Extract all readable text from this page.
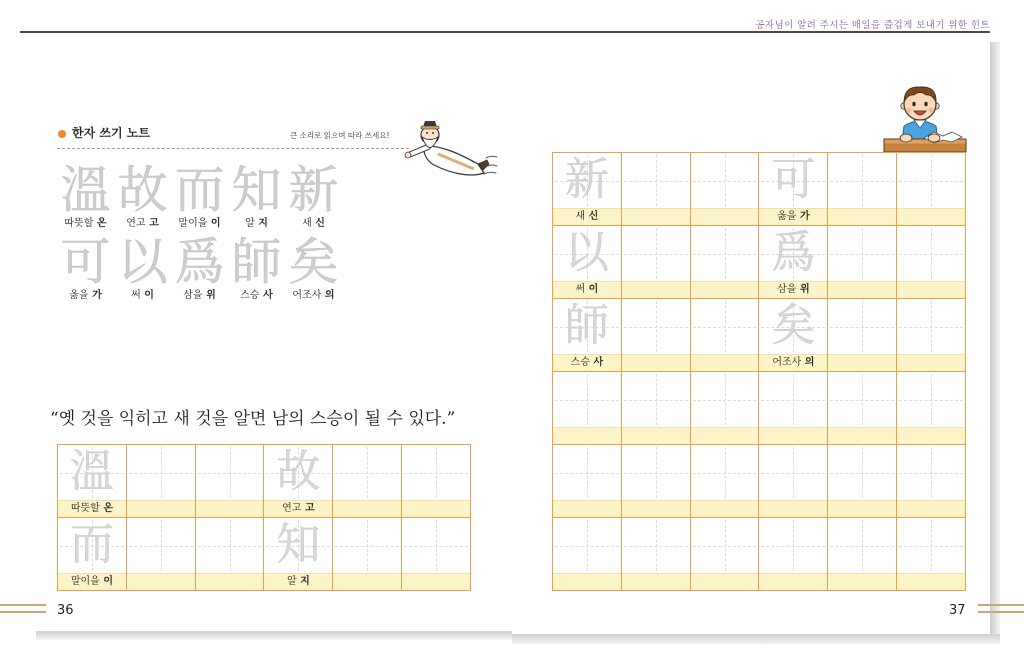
공자님이 알려 주시는 매일을 즐겁게 보내기 위한 힌트
한자 쓰기 노트	큰 소리로 읽으며 따라 쓰세요!
溫
따뜻할 온
故
연고 고
而
말이을 이
知
알 지
新
새 신
可
옳을 가
以
써 이
爲
삼을 위
師
스승 사
矣
어조사 의
“옛 것을 익히고 새 것을 알면 남의 스승이 될 수 있다.”
溫
따뜻할 온
故
연고 고
而
말이을 이
知
알 지
36
新
새 신
可
옳을 가
以
써 이
爲
삼을 위
師
스승 사
矣
어조사 의
37
